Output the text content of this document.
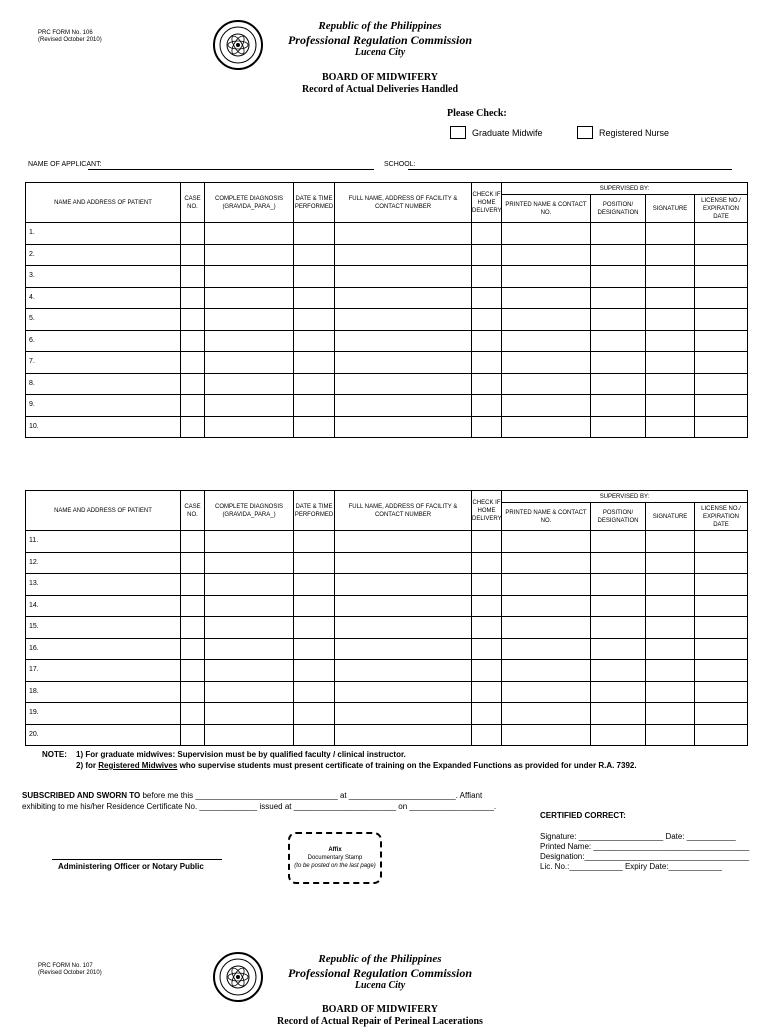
PRC FORM No. 106
(Revised October 2010)
Republic of the Philippines
Professional Regulation Commission
Lucena City
BOARD OF MIDWIFERY
Record of Actual Deliveries Handled
Please Check:
Graduate Midwife	Registered Nurse
NAME OF APPLICANT:	SCHOOL:
NAME AND ADDRESS OF PATIENT	CASE NO.	COMPLETE DIAGNOSIS (GRAVIDA_PARA_)	DATE & TIME PERFORMED	FULL NAME, ADDRESS OF FACILITY & CONTACT NUMBER	CHECK IF HOME DELIVERY	SUPERVISED BY:			
						PRINTED NAME & CONTACT NO.	POSITION/ DESIGNATION	SIGNATURE	LICENSE NO./ EXPIRATION DATE
1.									
2.									
3.									
4.									
5.									
6.									
7.									
8.									
9.									
10.									
NAME AND ADDRESS OF PATIENT	CASE NO.	COMPLETE DIAGNOSIS (GRAVIDA_PARA_)	DATE & TIME PERFORMED	FULL NAME, ADDRESS OF FACILITY & CONTACT NUMBER	CHECK IF HOME DELIVERY	SUPERVISED BY:			
						PRINTED NAME & CONTACT NO.	POSITION/ DESIGNATION	SIGNATURE	LICENSE NO./ EXPIRATION DATE
11.									
12.									
13.									
14.									
15.									
16.									
17.									
18.									
19.									
20.									
NOTE: 1) For graduate midwives: Supervision must be by qualified faculty / clinical instructor.
2) for Registered Midwives who supervise students must present certificate of training on the Expanded Functions as provided for under R.A. 7392.
SUBSCRIBED AND SWORN TO before me this ________________________________ at ________________________. Affiant
exhibiting to me his/her Residence Certificate No. _____________ issued at _______________________ on ___________________.
Affix
Documentary Stamp
(to be posted on the last page)
Administering Officer or Notary Public
CERTIFIED CORRECT:
Signature: ___________________ Date: ___________
Printed Name: ___________________________________
Designation:_____________________________________
Lic. No.:____________ Expiry Date:____________
PRC FORM No. 107
(Revised October 2010)
Republic of the Philippines
Professional Regulation Commission
Lucena City
BOARD OF MIDWIFERY
Record of Actual Repair of Perineal Lacerations
